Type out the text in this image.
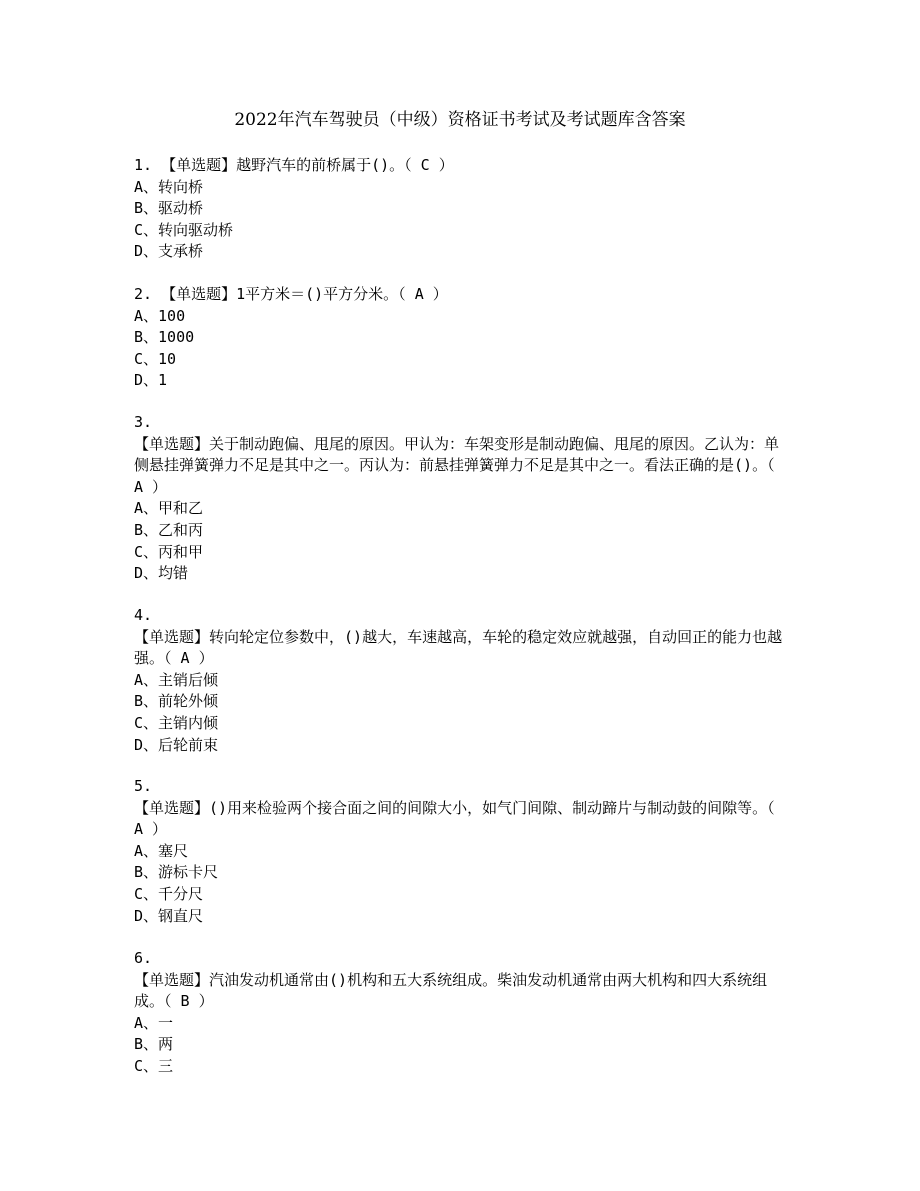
2022年汽车驾驶员（中级）资格证书考试及考试题库含答案
1. 【单选题】越野汽车的前桥属于()。（ C ）
A、转向桥
B、驱动桥
C、转向驱动桥
D、支承桥
2. 【单选题】1平方米＝()平方分米。（ A ）
A、100
B、1000
C、10
D、1
3.
【单选题】关于制动跑偏、甩尾的原因。甲认为：车架变形是制动跑偏、甩尾的原因。乙认为：单侧悬挂弹簧弹力不足是其中之一。丙认为：前悬挂弹簧弹力不足是其中之一。看法正确的是()。（ A ）
A、甲和乙
B、乙和丙
C、丙和甲
D、均错
4.
【单选题】转向轮定位参数中，()越大，车速越高，车轮的稳定效应就越强，自动回正的能力也越强。（ A ）
A、主销后倾
B、前轮外倾
C、主销内倾
D、后轮前束
5.
【单选题】()用来检验两个接合面之间的间隙大小，如气门间隙、制动蹄片与制动鼓的间隙等。（ A ）
A、塞尺
B、游标卡尺
C、千分尺
D、钢直尺
6.
【单选题】汽油发动机通常由()机构和五大系统组成。柴油发动机通常由两大机构和四大系统组成。（ B ）
A、一
B、两
C、三
